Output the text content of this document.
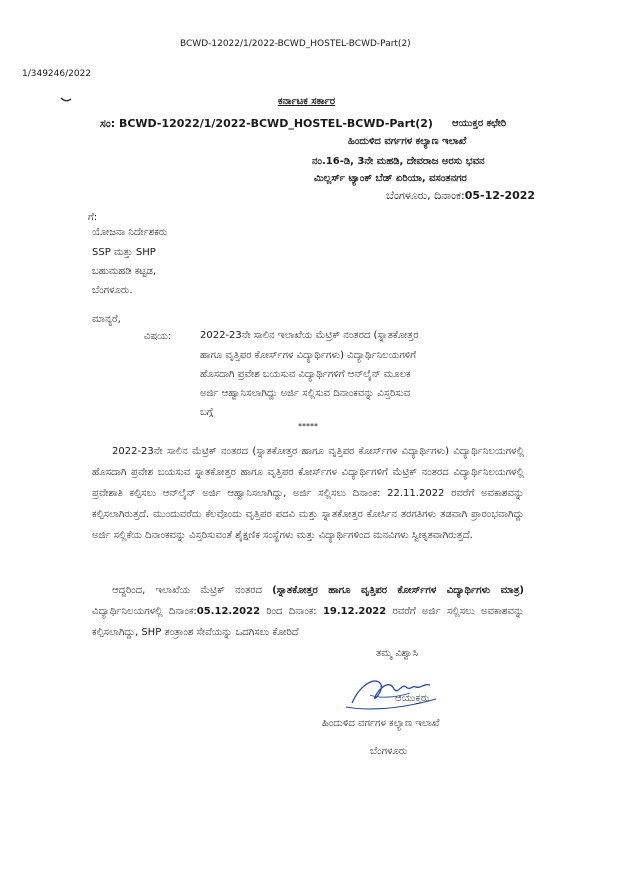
BCWD-12022/1/2022-BCWD_HOSTEL-BCWD-Part(2)
1/349246/2022
ಕರ್ನಾಟಕ ಸರ್ಕಾರ
ಸಂ: BCWD-12022/1/2022-BCWD_HOSTEL-BCWD-Part(2) ಆಯುಕ್ತರ ಕಛೇರಿ
ಹಿಂದುಳಿದ ವರ್ಗಗಳ ಕಲ್ಯಾಣ ಇಲಾಖೆ
ನಂ.16-ಡಿ, 3ನೇ ಮಹಡಿ, ದೇವರಾಜ ಅರಸು ಭವನ
ಮಿಲ್ಲರ್ಸ್ ಟ್ಯಾಂಕ್ ಬೆಡ್ ಏರಿಯಾ, ವಸಂತನಗರ
ಬೆಂಗಳೂರು, ದಿನಾಂಕ:05-12-2022
ಗೆ:
ಯೋಜನಾ ನಿರ್ದೇಶಕರು
SSP ಮತ್ತು SHP
ಬಹುಮಹಡಿ ಕಟ್ಟಡ,
ಬೆಂಗಳೂರು.
ಮಾನ್ಯರೆ,
ವಿಷಯ:	2022-23ನೇ ಸಾಲಿನ ಇಲಾಖೆಯ ಮೆಟ್ರಿಕ್ ನಂತರದ (ಸ್ನಾತಕೋತ್ತರ
ಹಾಗೂ ವೃತ್ತಿಪರ ಕೋರ್ಸ್‌ಗಳ ವಿದ್ಯಾರ್ಥಿಗಳು) ವಿದ್ಯಾರ್ಥಿನಿಲಯಗಳಿಗೆ
ಹೊಸದಾಗಿ ಪ್ರವೇಶ ಬಯಸುವ ವಿದ್ಯಾರ್ಥಿಗಳಿಗೆ ಆನ್‌ಲೈನ್ ಮೂಲಕ
ಅರ್ಜಿ ಆಹ್ವಾನಿಸಲಾಗಿದ್ದು ಅರ್ಜಿ ಸಲ್ಲಿಸುವ ದಿನಾಂಕವನ್ನು ವಿಸ್ತರಿಸುವ
ಬಗ್ಗೆ
*****
2022-23ನೇ ಸಾಲಿನ ಮೆಟ್ರಿಕ್ ನಂತರದ (ಸ್ನಾತಕೋತ್ತರ ಹಾಗೂ ವೃತ್ತಿಪರ ಕೋರ್ಸ್‌ಗಳ ವಿದ್ಯಾರ್ಥಿಗಳು) ವಿದ್ಯಾರ್ಥಿನಿಲಯಗಳಲ್ಲಿ ಹೊಸದಾಗಿ ಪ್ರವೇಶ ಬಯಸುವ ಸ್ನಾತಕೋತ್ತರ ಹಾಗೂ ವೃತ್ತಿಪರ ಕೋರ್ಸ್‌ಗಳ ವಿದ್ಯಾರ್ಥಿಗಳಿಗೆ ಮೆಟ್ರಿಕ್ ನಂತರದ ವಿದ್ಯಾರ್ಥಿನಿಲಯಗಳಲ್ಲಿ ಪ್ರವೇಶಾತಿ ಕಲ್ಪಿಸಲು ಆನ್‌ಲೈನ್ ಅರ್ಜಿ ಆಹ್ವಾನಿಸಲಾಗಿದ್ದು, ಅರ್ಜಿ ಸಲ್ಲಿಸಲು ದಿನಾಂಕ: 22.11.2022 ರವರೆಗೆ ಅವಕಾಶವನ್ನು ಕಲ್ಪಿಸಲಾಗಿರುತ್ತದೆ. ಮುಂದುವರೆದು ಕೆಲವೊಂದು ವೃತ್ತಿಪರ ಪದವಿ ಮತ್ತು ಸ್ನಾತಕೋತ್ತರ ಕೋರ್ಸಿನ ತರಗತಿಗಳು ತಡವಾಗಿ ಪ್ರಾರಂಭವಾಗಿದ್ದು ಅರ್ಜಿ ಸಲ್ಲಿಕೆಯ ದಿನಾಂಕವನ್ನು ವಿಸ್ತರಿಸುವಂತೆ ಶೈಕ್ಷಣಿಕ ಸಂಸ್ಥೆಗಳು ಮತ್ತು ವಿದ್ಯಾರ್ಥಿಗಳಿಂದ ಮನವಿಗಳು ಸ್ವೀಕೃತವಾಗಿರುತ್ತದೆ.
ಆದ್ದರಿಂದ, ಇಲಾಖೆಯ ಮೆಟ್ರಿಕ್ ನಂತರದ (ಸ್ನಾತಕೋತ್ತರ ಹಾಗೂ ವೃತ್ತಿಪರ ಕೋರ್ಸ್‌ಗಳ ವಿದ್ಯಾರ್ಥಿಗಳು ಮಾತ್ರ) ವಿದ್ಯಾರ್ಥಿನಿಲಯಗಳಲ್ಲಿ ದಿನಾಂಕ:05.12.2022 ರಿಂದ ದಿನಾಂಕ: 19.12.2022 ರವರೆಗೆ ಅರ್ಜಿ ಸಲ್ಲಿಸಲು ಅವಕಾಶವನ್ನು ಕಲ್ಪಿಸಲಾಗಿದ್ದು, SHP ತಂತ್ರಾಂಶ ಸೇವೆಯನ್ನು ಒದಗಿಸಲು ಕೋರಿದೆ
ತಮ್ಮ ವಿಶ್ವಾಸಿ
ಆಯುಕ್ತರು
ಹಿಂದುಳಿದ ವರ್ಗಗಳ ಕಲ್ಯಾಣ ಇಲಾಖೆ
ಬೆಂಗಳೂರು
